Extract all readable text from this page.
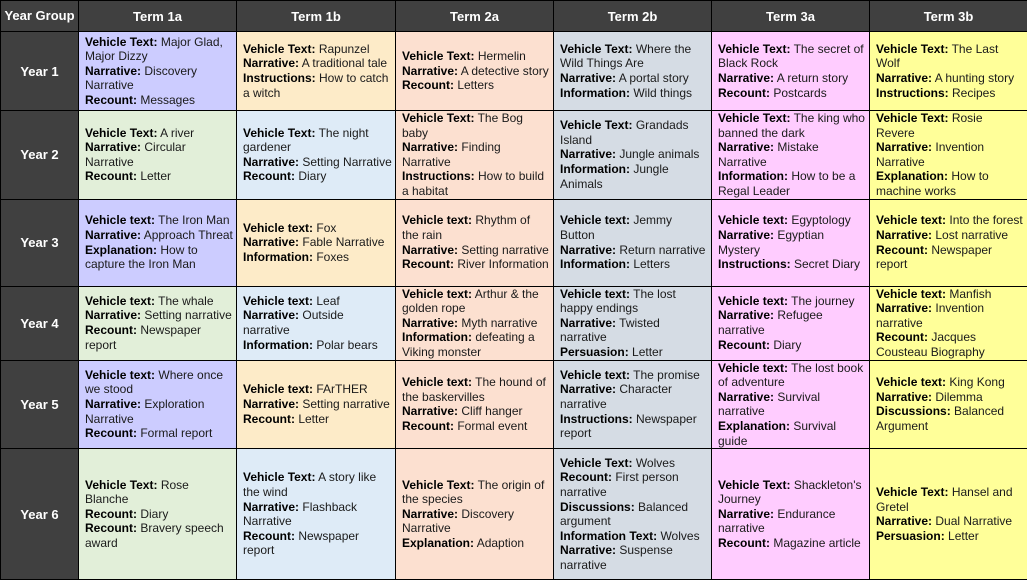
Year Group	Term 1a	Term 1b	Term 2a	Term 2b	Term 3a	Term 3b
Year 1	Vehicle Text: Major Glad, Major Dizzy
Narrative: Discovery Narrative
Recount: Messages	Vehicle Text: Rapunzel
Narrative: A traditional tale
Instructions: How to catch a witch	Vehicle Text: Hermelin
Narrative: A detective story
Recount: Letters	Vehicle Text: Where the Wild Things Are
Narrative: A portal story
Information: Wild things	Vehicle Text: The secret of Black Rock
Narrative: A return story
Recount: Postcards	Vehicle Text: The Last Wolf
Narrative: A hunting story
Instructions: Recipes

Year 2	Vehicle Text: A river
Narrative: Circular Narrative
Recount: Letter	Vehicle Text: The night gardener
Narrative: Setting Narrative
Recount: Diary	Vehicle Text: The Bog baby
Narrative: Finding Narrative
Instructions: How to build a habitat	Vehicle Text: Grandads Island
Narrative: Jungle animals
Information: Jungle Animals	Vehicle Text: The king who banned the dark
Narrative: Mistake Narrative
Information: How to be a Regal Leader	Vehicle Text: Rosie Revere
Narrative: Invention Narrative
Explanation: How to machine works

Year 3	Vehicle text: The Iron Man
Narrative: Approach Threat
Explanation: How to capture the Iron Man	Vehicle text: Fox
Narrative: Fable Narrative
Information: Foxes	Vehicle text: Rhythm of the rain
Narrative: Setting narrative
Recount: River Information	Vehicle text: Jemmy Button
Narrative: Return narrative
Information: Letters	Vehicle text: Egyptology
Narrative: Egyptian Mystery
Instructions: Secret Diary	Vehicle text: Into the forest
Narrative: Lost narrative
Recount: Newspaper report

Year 4	Vehicle text: The whale
Narrative: Setting narrative
Recount: Newspaper report	Vehicle text: Leaf
Narrative: Outside narrative
Information: Polar bears	Vehicle text: Arthur & the golden rope
Narrative: Myth narrative
Information: defeating a Viking monster	Vehicle text: The lost happy endings
Narrative: Twisted narrative
Persuasion: Letter	Vehicle text: The journey
Narrative: Refugee narrative
Recount: Diary	Vehicle text: Manfish
Narrative: Invention narrative
Recount: Jacques Cousteau Biography

Year 5	Vehicle text: Where once we stood
Narrative: Exploration Narrative
Recount: Formal report	Vehicle text: FArTHER
Narrative: Setting narrative
Recount: Letter	Vehicle text: The hound of the baskervilles
Narrative: Cliff hanger
Recount: Formal event	Vehicle text: The promise
Narrative: Character narrative
Instructions: Newspaper report	Vehicle text: The lost book of adventure
Narrative: Survival narrative
Explanation: Survival guide	Vehicle text: King Kong
Narrative: Dilemma
Discussions: Balanced Argument

Year 6	Vehicle Text: Rose Blanche
Recount: Diary
Recount: Bravery speech award	Vehicle Text: A story like the wind
Narrative: Flashback Narrative
Recount: Newspaper report	Vehicle Text: The origin of the species
Narrative: Discovery Narrative
Explanation: Adaption	Vehicle Text: Wolves
Recount: First person narrative
Discussions: Balanced argument
Information Text: Wolves
Narrative: Suspense narrative	Vehicle Text: Shackleton's Journey
Narrative: Endurance narrative
Recount: Magazine article	Vehicle Text: Hansel and Gretel
Narrative: Dual Narrative
Persuasion: Letter
